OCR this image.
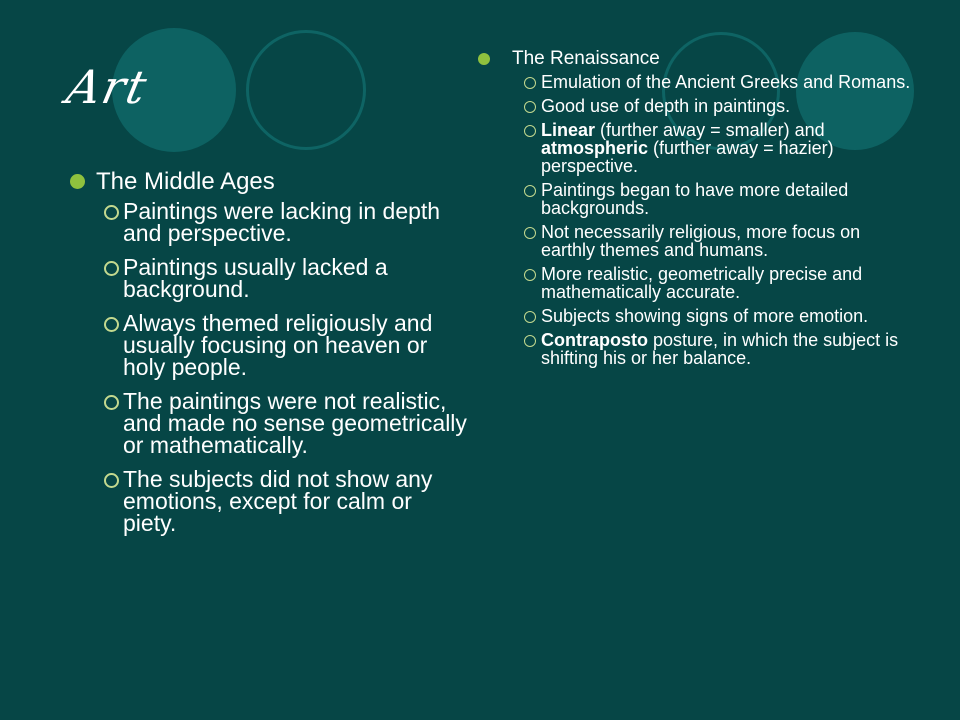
Art
The Middle Ages
Paintings were lacking in depth and perspective.
Paintings usually lacked a background.
Always themed religiously and usually focusing on heaven or holy people.
The paintings were not realistic, and made no sense geometrically or mathematically.
The subjects did not show any emotions, except for calm or piety.
The Renaissance
Emulation of the Ancient Greeks and Romans.
Good use of depth in paintings.
Linear (further away = smaller) and atmospheric (further away = hazier) perspective.
Paintings began to have more detailed backgrounds.
Not necessarily religious, more focus on earthly themes and humans.
More realistic, geometrically precise and mathematically accurate.
Subjects showing signs of more emotion.
Contraposto posture, in which the subject is shifting his or her balance.
